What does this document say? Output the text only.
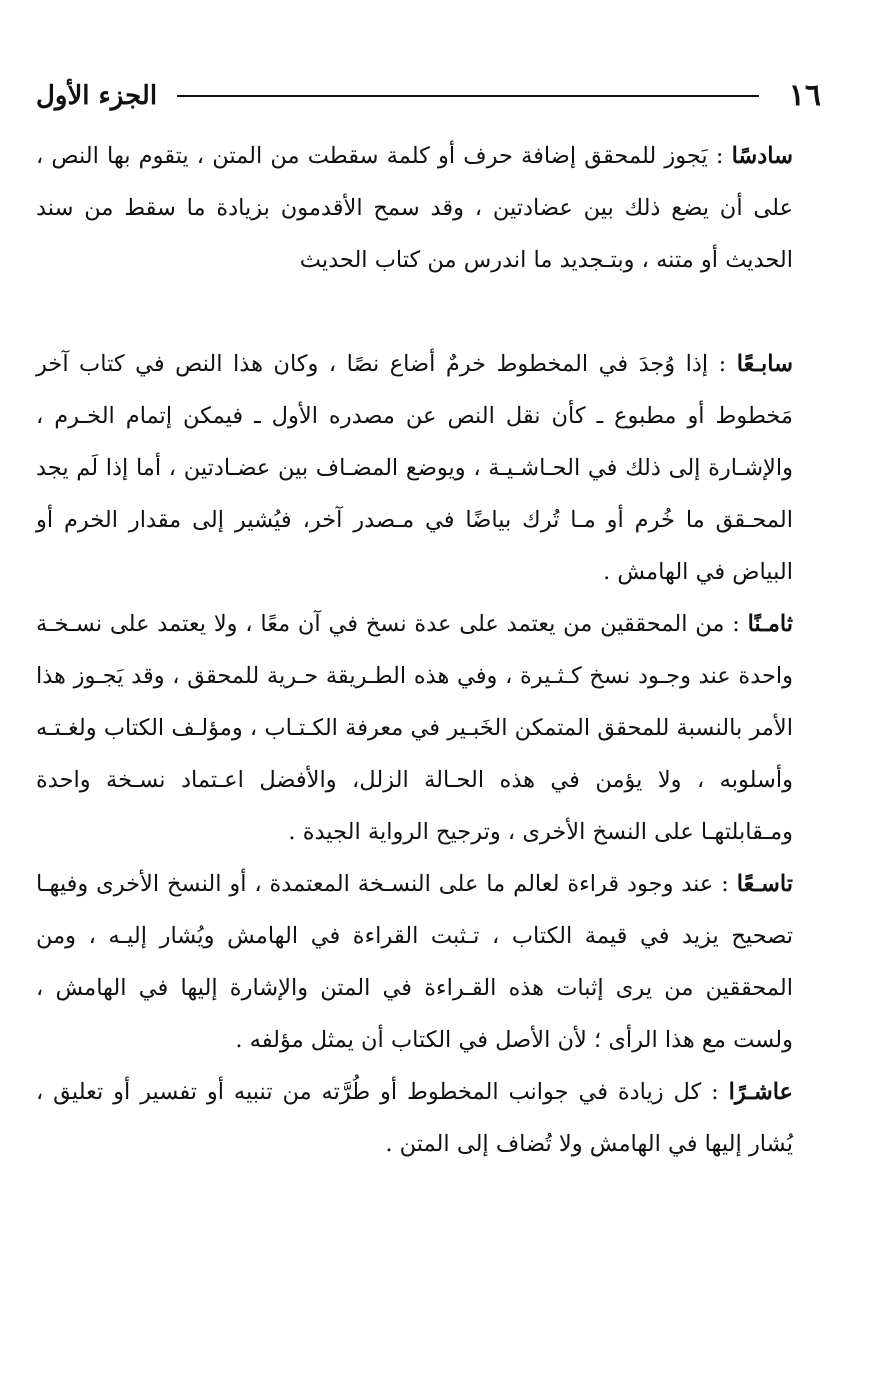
١٦
الجزء الأول

سادسًا : يَجوز للمحقق إضافة حرف أو كلمة سقطت من المتن ، يتقوم بها النص ، على أن يضع ذلك بين عضادتين ، وقد سمح الأقدمون بزيادة ما سقط من سند الحديث أو متنه ، وبتـجديد ما اندرس من كتاب الحديث

سابـعًا : إذا وُجدَ في المخطوط خرمٌ أضاع نصًا ، وكان هذا النص في كتاب آخر مَخطوط أو مطبوع ـ كأن نقل النص عن مصدره الأول ـ فيمكن إتمام الخـرم ، والإشـارة إلى ذلك في الحـاشـيـة ، ويوضع المضـاف بين عضـادتين ، أما إذا لَم يجد المحـقق ما خُرم أو مـا تُرك بياضًا في مـصدر آخر، فيُشير إلى مقدار الخرم أو البياض في الهامش .

ثامـنًا : من المحققين من يعتمد على عدة نسخ في آن معًا ، ولا يعتمد على نسـخـة واحدة عند وجـود نسخ كـثـيرة ، وفي هذه الطـريقة حـرية للمحقق ، وقد يَجـوز هذا الأمر بالنسبة للمحقق المتمكن الخَبـير في معرفة الكـتـاب ، ومؤلـف الكتاب ولغـتـه وأسلوبه ، ولا يؤمن في هذه الحـالة الزلل، والأفضل اعـتماد نسـخة واحدة ومـقابلتهـا على النسخ الأخرى ، وترجيح الرواية الجيدة .

تاسـعًا : عند وجود قراءة لعالم ما على النسـخة المعتمدة ، أو النسخ الأخرى وفيهـا تصحيح يزيد في قيمة الكتاب ، تـثبت القراءة في الهامش ويُشار إليـه ، ومن المحققين من يرى إثبات هذه القـراءة في المتن والإشارة إليها في الهامش ، ولست مع هذا الرأى ؛ لأن الأصل في الكتاب أن يمثل مؤلفه .

عاشـرًا : كل زيادة في جوانب المخطوط أو طُرَّته من تنبيه أو تفسير أو تعليق ، يُشار إليها في الهامش ولا تُضاف إلى المتن .
